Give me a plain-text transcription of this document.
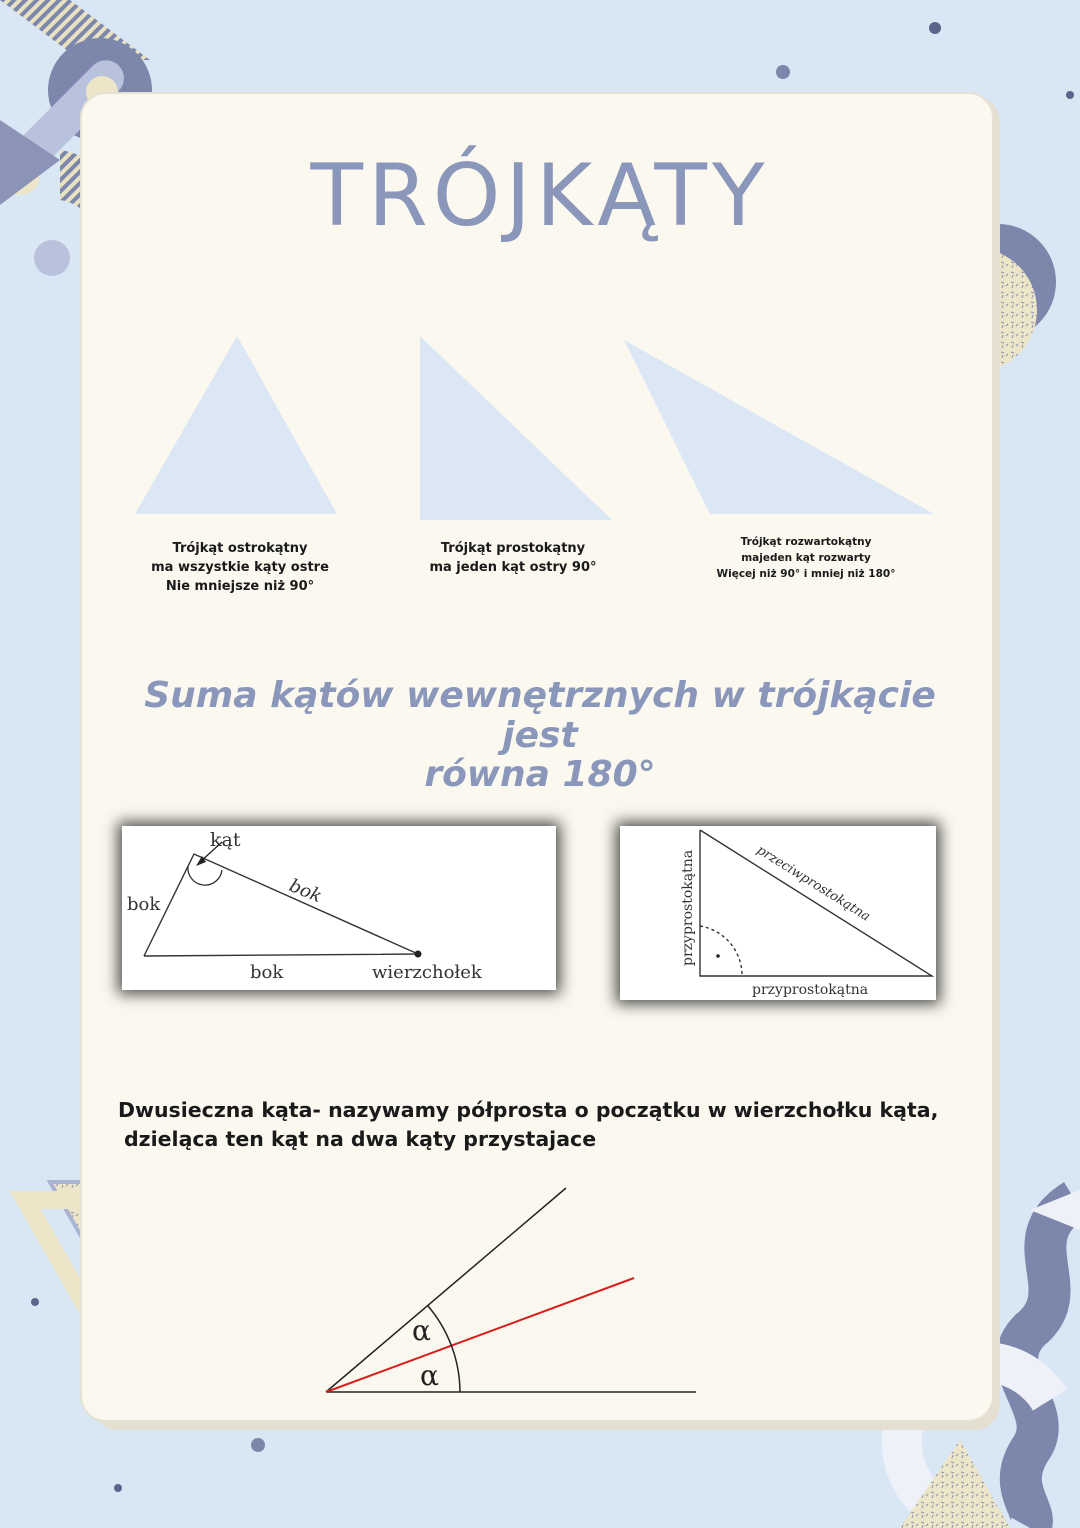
TRÓJKĄTY
Trójkąt ostrokątny
ma wszystkie kąty ostre
Nie mniejsze niż 90°
Trójkąt prostokątny
ma jeden kąt ostry 90°
Trójkąt rozwartokątny
majeden kąt rozwarty
Więcej niż 90° i mniej niż 180°
Suma kątów wewnętrznych w trójkącie jest
równa 180°
kąt
bok	bok
bok	wierzchołek
przyprostokątna
przyprostokątna
przeciwprostokątna

Dwusieczna kąta- nazywamy półprosta o początku w wierzchołku kąta,
dzieląca ten kąt na dwa kąty przystajace

α
α
